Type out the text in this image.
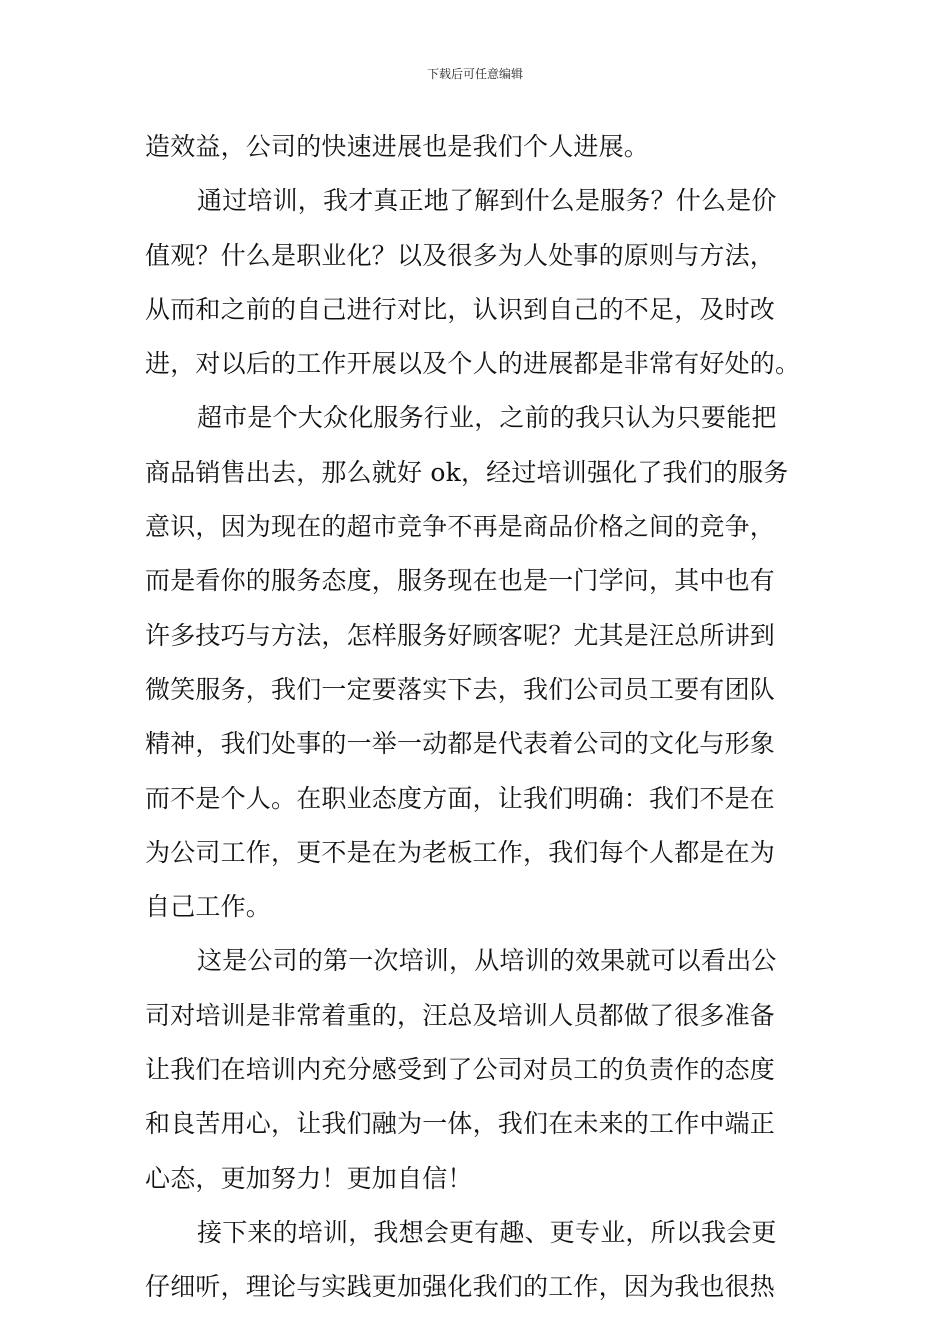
下载后可任意编辑
造效益，公司的快速进展也是我们个人进展。
通过培训，我才真正地了解到什么是服务？什么是价
值观？什么是职业化？以及很多为人处事的原则与方法，
从而和之前的自己进行对比，认识到自己的不足，及时改
进，对以后的工作开展以及个人的进展都是非常有好处的。
超市是个大众化服务行业，之前的我只认为只要能把
商品销售出去，那么就好 ok，经过培训强化了我们的服务
意识，因为现在的超市竞争不再是商品价格之间的竞争，
而是看你的服务态度，服务现在也是一门学问，其中也有
许多技巧与方法，怎样服务好顾客呢？尤其是汪总所讲到
微笑服务，我们一定要落实下去，我们公司员工要有团队
精神，我们处事的一举一动都是代表着公司的文化与形象
而不是个人。在职业态度方面，让我们明确：我们不是在
为公司工作，更不是在为老板工作，我们每个人都是在为
自己工作。
这是公司的第一次培训，从培训的效果就可以看出公
司对培训是非常着重的，汪总及培训人员都做了很多准备
让我们在培训内充分感受到了公司对员工的负责作的态度
和良苦用心，让我们融为一体，我们在未来的工作中端正
心态，更加努力！更加自信！
接下来的培训，我想会更有趣、更专业，所以我会更
仔细听，理论与实践更加强化我们的工作，因为我也很热
